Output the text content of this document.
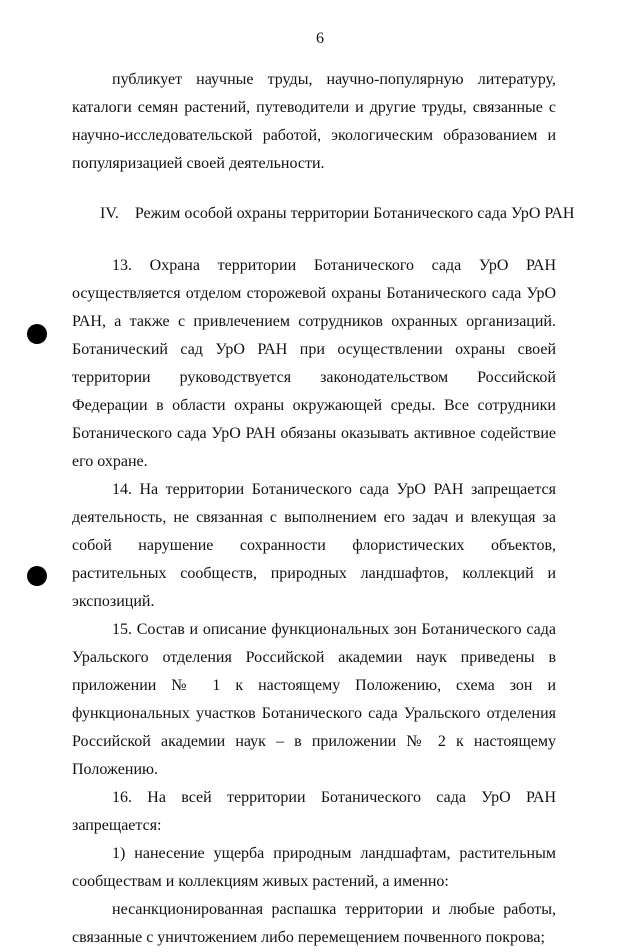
6

публикует научные труды, научно-популярную литературу, каталоги семян растений, путеводители и другие труды, связанные с научно-исследовательской работой, экологическим образованием и популяризацией своей деятельности.

IV. Режим особой охраны территории Ботанического сада УрО РАН

13. Охрана территории Ботанического сада УрО РАН осуществляется отделом сторожевой охраны Ботанического сада УрО РАН, а также с привлечением сотрудников охранных организаций. Ботанический сад УрО РАН при осуществлении охраны своей территории руководствуется законодательством Российской Федерации в области охраны окружающей среды. Все сотрудники Ботанического сада УрО РАН обязаны оказывать активное содействие его охране.

14. На территории Ботанического сада УрО РАН запрещается деятельность, не связанная с выполнением его задач и влекущая за собой нарушение сохранности флористических объектов, растительных сообществ, природных ландшафтов, коллекций и экспозиций.

15. Состав и описание функциональных зон Ботанического сада Уральского отделения Российской академии наук приведены в приложении № 1 к настоящему Положению, схема зон и функциональных участков Ботанического сада Уральского отделения Российской академии наук – в приложении № 2 к настоящему Положению.

16. На всей территории Ботанического сада УрО РАН запрещается:

1) нанесение ущерба природным ландшафтам, растительным сообществам и коллекциям живых растений, а именно:

несанкционированная распашка территории и любые работы, связанные с уничтожением либо перемещением почвенного покрова;
